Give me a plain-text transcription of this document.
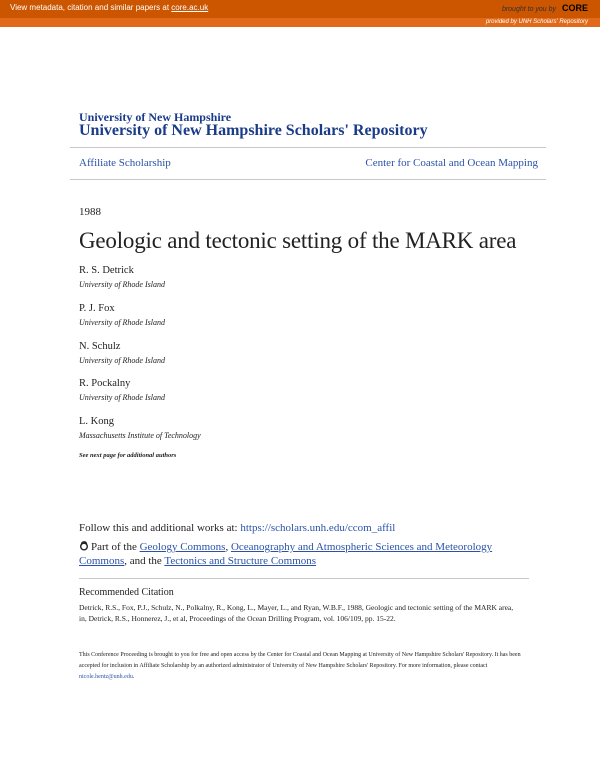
View metadata, citation and similar papers at core.ac.uk	brought to you by CORE
provided by UNH Scholars' Repository
University of New Hampshire
University of New Hampshire Scholars' Repository
Affiliate Scholarship	Center for Coastal and Ocean Mapping
1988
Geologic and tectonic setting of the MARK area
R. S. Detrick
University of Rhode Island
P. J. Fox
University of Rhode Island
N. Schulz
University of Rhode Island
R. Pockalny
University of Rhode Island
L. Kong
Massachusetts Institute of Technology
See next page for additional authors
Follow this and additional works at: https://scholars.unh.edu/ccom_affil
Part of the Geology Commons, Oceanography and Atmospheric Sciences and Meteorology Commons, and the Tectonics and Structure Commons
Recommended Citation
Detrick, R.S., Fox, P.J., Schulz, N., Polkalny, R., Kong, L., Mayer, L., and Ryan, W.B.F., 1988, Geologic and tectonic setting of the MARK area, in, Detrick, R.S., Honnerez, J., et al, Proceedings of the Ocean Drilling Program, vol. 106/109, pp. 15-22.
This Conference Proceeding is brought to you for free and open access by the Center for Coastal and Ocean Mapping at University of New Hampshire Scholars' Repository. It has been accepted for inclusion in Affiliate Scholarship by an authorized administrator of University of New Hampshire Scholars' Repository. For more information, please contact nicole.hentz@unh.edu.
